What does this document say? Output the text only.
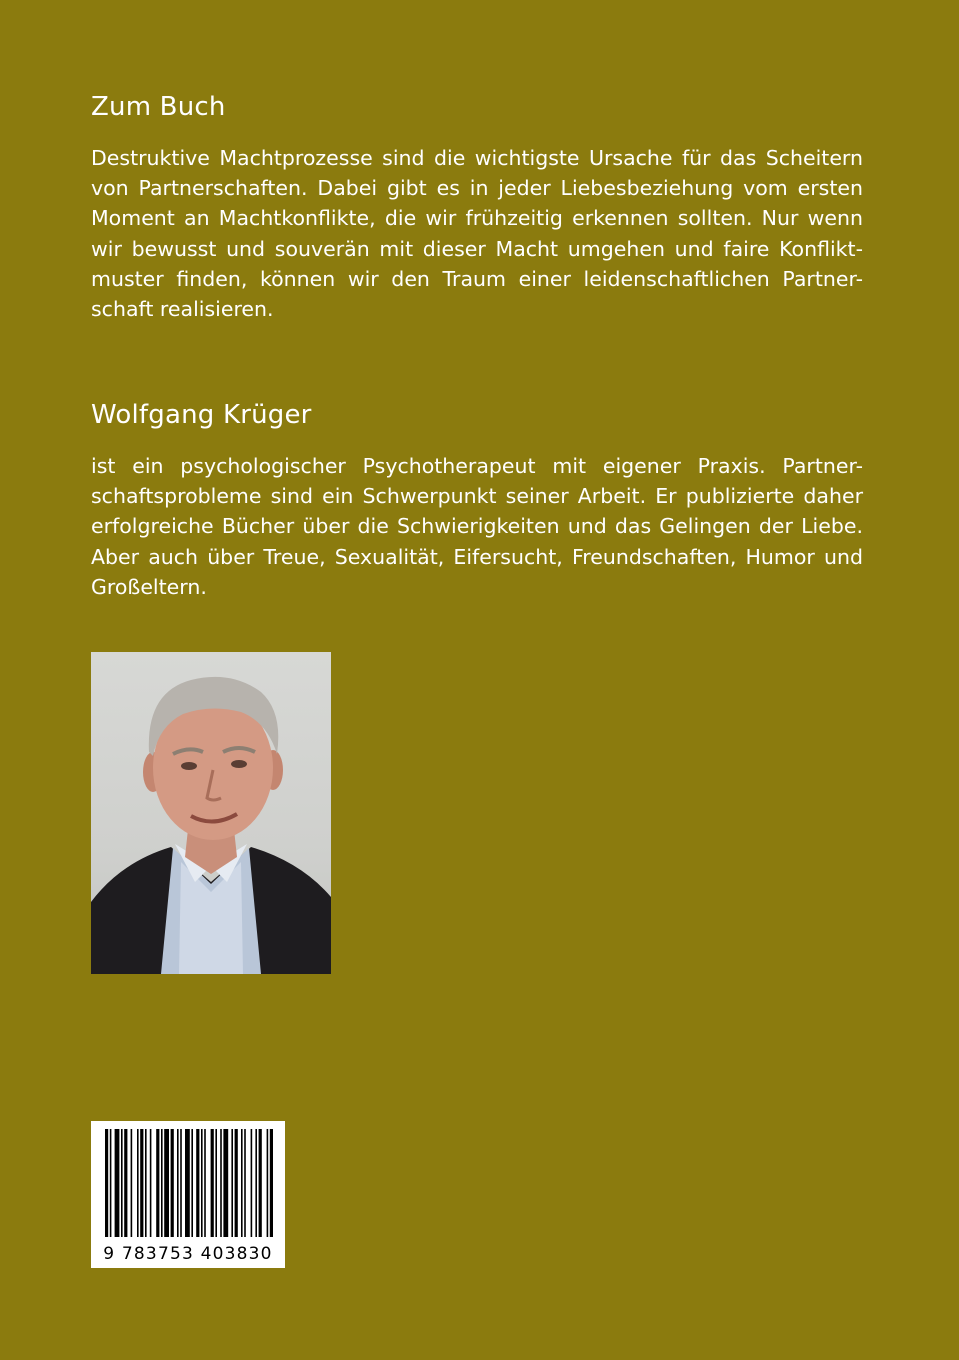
Zum Buch

Destruktive Machtprozesse sind die wichtigste Ursache für das Scheitern
von Partnerschaften. Dabei gibt es in jeder Liebesbeziehung vom ersten
Moment an Machtkonflikte, die wir frühzeitig erkennen sollten. Nur wenn
wir bewusst und souverän mit dieser Macht umgehen und faire Konflikt-
muster finden, können wir den Traum einer leidenschaftlichen Partner-
schaft realisieren.

Wolfgang Krüger

ist ein psychologischer Psychotherapeut mit eigener Praxis. Partner-
schaftsprobleme sind ein Schwerpunkt seiner Arbeit. Er publizierte daher
erfolgreiche Bücher über die Schwierigkeiten und das Gelingen der Liebe.
Aber auch über Treue, Sexualität, Eifersucht, Freundschaften, Humor und
Großeltern.

9 783753 403830
